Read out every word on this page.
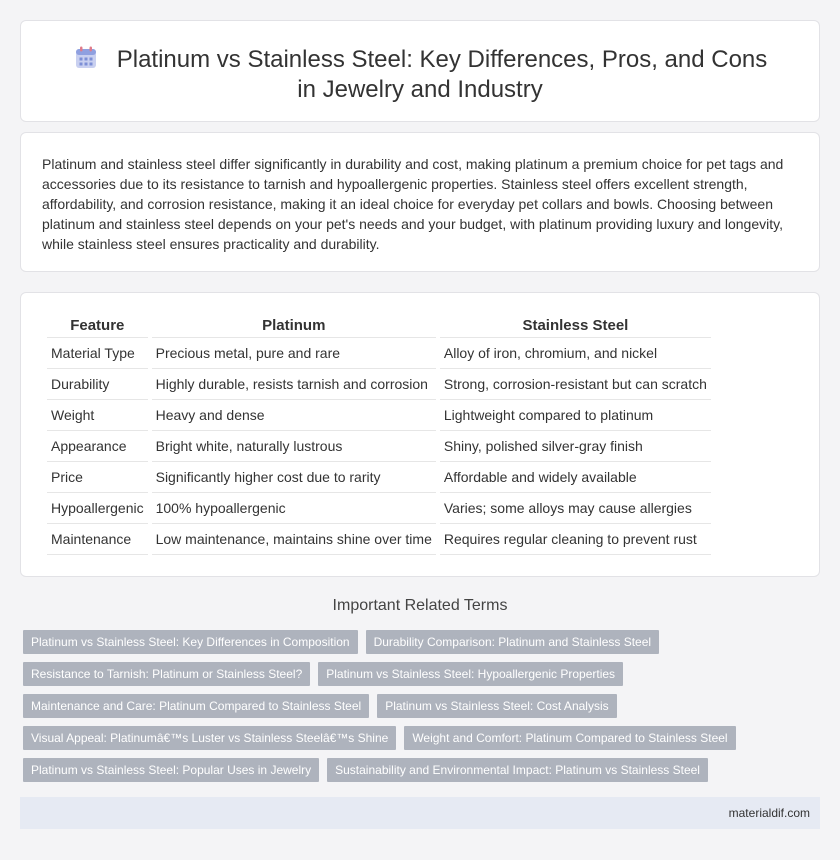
Platinum vs Stainless Steel: Key Differences, Pros, and Cons in Jewelry and Industry

Platinum and stainless steel differ significantly in durability and cost, making platinum a premium choice for pet tags and accessories due to its resistance to tarnish and hypoallergenic properties. Stainless steel offers excellent strength, affordability, and corrosion resistance, making it an ideal choice for everyday pet collars and bowls. Choosing between platinum and stainless steel depends on your pet's needs and your budget, with platinum providing luxury and longevity, while stainless steel ensures practicality and durability.

Feature	Platinum	Stainless Steel
Material Type	Precious metal, pure and rare	Alloy of iron, chromium, and nickel
Durability	Highly durable, resists tarnish and corrosion	Strong, corrosion-resistant but can scratch
Weight	Heavy and dense	Lightweight compared to platinum
Appearance	Bright white, naturally lustrous	Shiny, polished silver-gray finish
Price	Significantly higher cost due to rarity	Affordable and widely available
Hypoallergenic	100% hypoallergenic	Varies; some alloys may cause allergies
Maintenance	Low maintenance, maintains shine over time	Requires regular cleaning to prevent rust
Important Related Terms
Platinum vs Stainless Steel: Key Differences in Composition Durability Comparison: Platinum and Stainless Steel
Resistance to Tarnish: Platinum or Stainless Steel? Platinum vs Stainless Steel: Hypoallergenic Properties
Maintenance and Care: Platinum Compared to Stainless Steel Platinum vs Stainless Steel: Cost Analysis
Visual Appeal: Platinumâ€™s Luster vs Stainless Steelâ€™s Shine Weight and Comfort: Platinum Compared to Stainless Steel
Platinum vs Stainless Steel: Popular Uses in Jewelry Sustainability and Environmental Impact: Platinum vs Stainless Steel
materialdif.com
